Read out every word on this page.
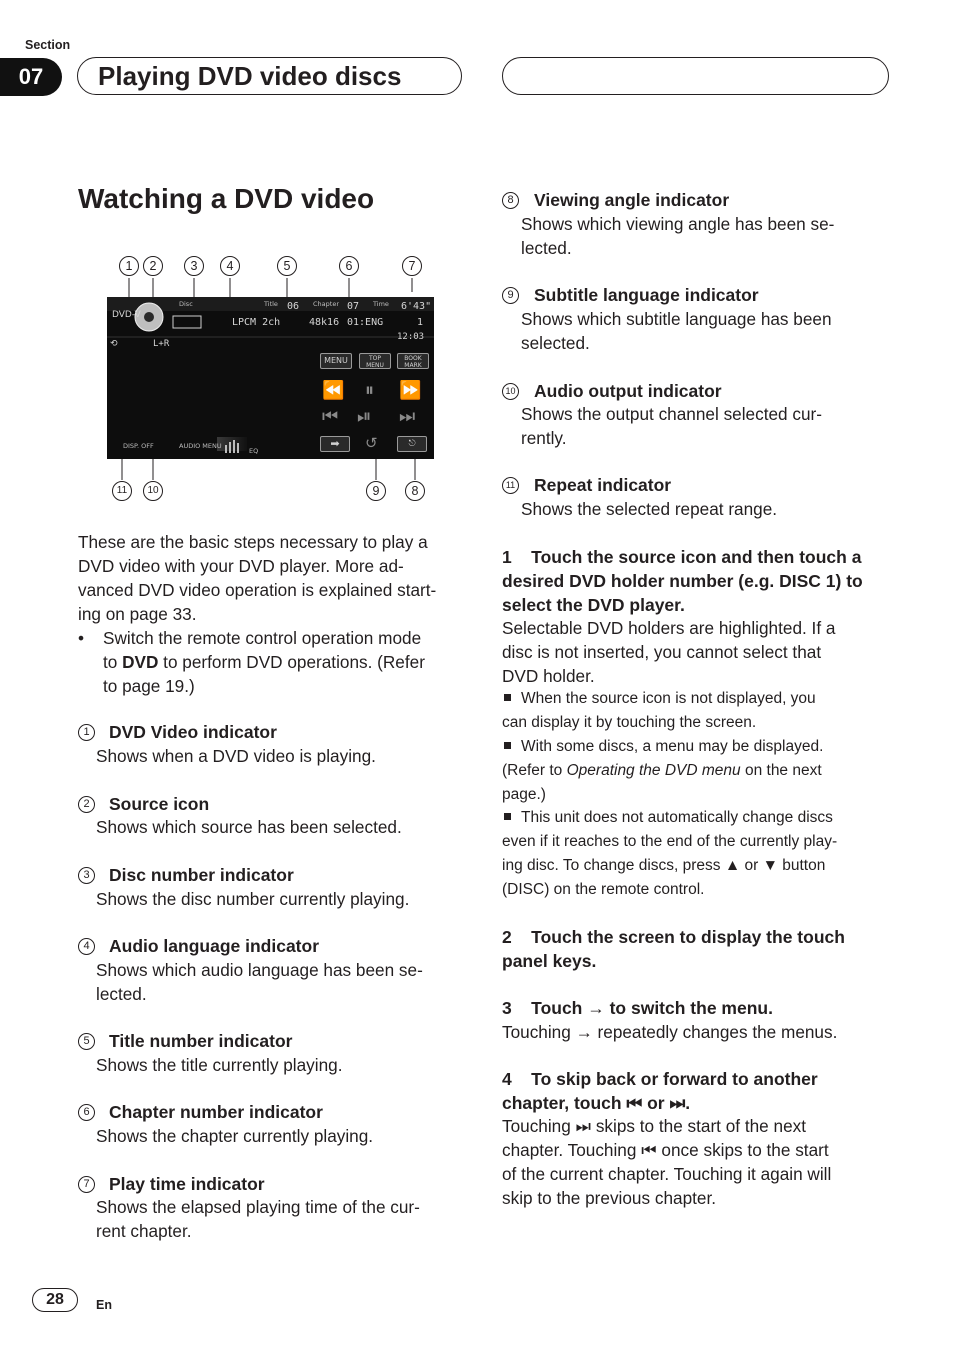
Section
07	Playing DVD video discs
Watching a DVD video
1	2	3	4	5	6	7
11	10	9	8
DVD-V
Disc	Title 06 Chapter 07 Time 6'43"
LPCM 2ch	48k16 01:ENG	1
12:03
L+R
⟲
MENU	TOP MENU
BOOK MARK
⏪ ⏸ ⏩
⏮ ⏯ ⏭
➡	↺	⎋
DISP. OFF	AUDIO MENU
EQ
These are the basic steps necessary to play a
DVD video with your DVD player. More ad-
vanced DVD video operation is explained start-
ing on page 33.
• Switch the remote control operation mode
to DVD to perform DVD operations. (Refer
to page 19.)
1	DVD Video indicator
Shows when a DVD video is playing.
2	Source icon
Shows which source has been selected.
3	Disc number indicator
Shows the disc number currently playing.
4	Audio language indicator
Shows which audio language has been se-
lected.
5	Title number indicator
Shows the title currently playing.
6	Chapter number indicator
Shows the chapter currently playing.
7	Play time indicator
Shows the elapsed playing time of the cur-
rent chapter.
8	Viewing angle indicator
Shows which viewing angle has been se-
lected.
9	Subtitle language indicator
Shows which subtitle language has been
selected.
10 Audio output indicator
Shows the output channel selected cur-
rently.
11 Repeat indicator
Shows the selected repeat range.
1    Touch the source icon and then touch a
desired DVD holder number (e.g. DISC 1) to
select the DVD player.
Selectable DVD holders are highlighted. If a
disc is not inserted, you cannot select that
DVD holder.
When the source icon is not displayed, you
can display it by touching the screen.
With some discs, a menu may be displayed.
(Refer to Operating the DVD menu on the next
page.)
This unit does not automatically change discs
even if it reaches to the end of the currently play-
ing disc. To change discs, press ▲ or ▼ button
(DISC) on the remote control.
2    Touch the screen to display the touch
panel keys.
3    Touch → to switch the menu.
Touching → repeatedly changes the menus.
4    To skip back or forward to another
chapter, touch ⏮ or ⏭.
Touching ⏭ skips to the start of the next
chapter. Touching ⏮ once skips to the start
of the current chapter. Touching it again will
skip to the previous chapter.
28	En
